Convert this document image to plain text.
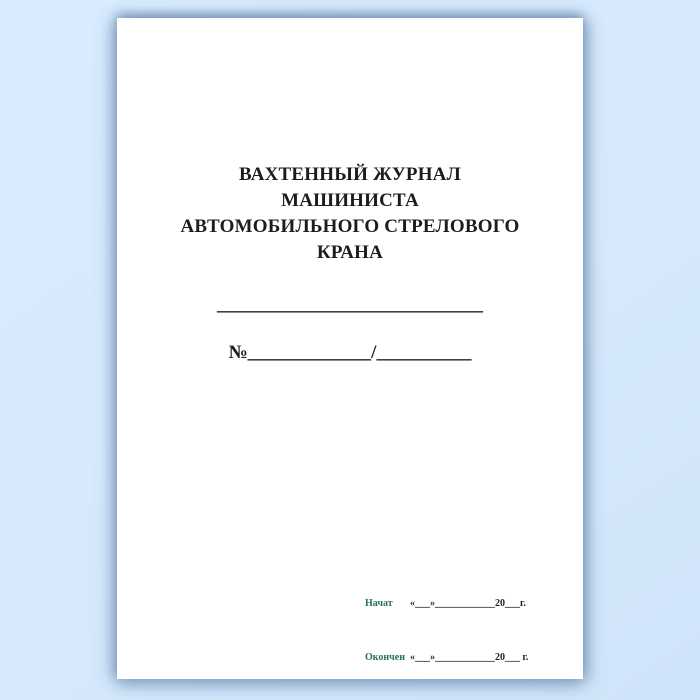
ВАХТЕННЫЙ ЖУРНАЛ
МАШИНИСТА
АВТОМОБИЛЬНОГО СТРЕЛОВОГО
КРАНА
____________________________
№_____________/__________

Начат «___»____________20___г.

Окончен «___»____________20___ г.
